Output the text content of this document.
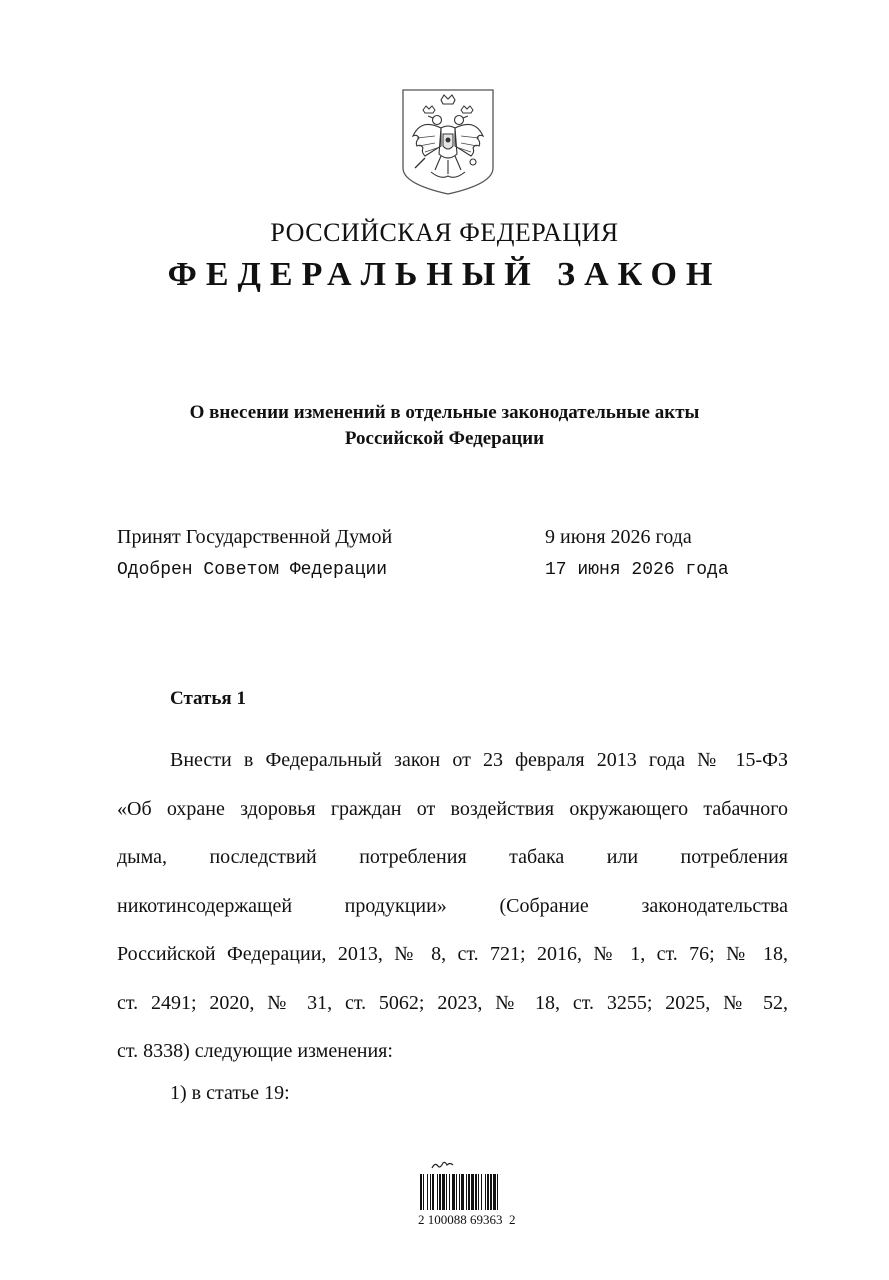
РОССИЙСКАЯ ФЕДЕРАЦИЯ
ФЕДЕРАЛЬНЫЙ ЗАКОН
О внесении изменений в отдельные законодательные акты
Российской Федерации
Принят Государственной Думой	9 июня 2026 года
Одобрен Советом Федерации	17 июня 2026 года
Статья 1
Внести в Федеральный закон от 23 февраля 2013 года № 15-ФЗ
«Об охране здоровья граждан от воздействия окружающего табачного
дыма, последствий потребления табака или потребления
никотинсодержащей продукции» (Собрание законодательства
Российской Федерации, 2013, № 8, ст. 721; 2016, № 1, ст. 76; № 18,
ст. 2491; 2020, № 31, ст. 5062; 2023, № 18, ст. 3255; 2025, № 52,
ст. 8338) следующие изменения:
1) в статье 19:
2 100088 69363  2
